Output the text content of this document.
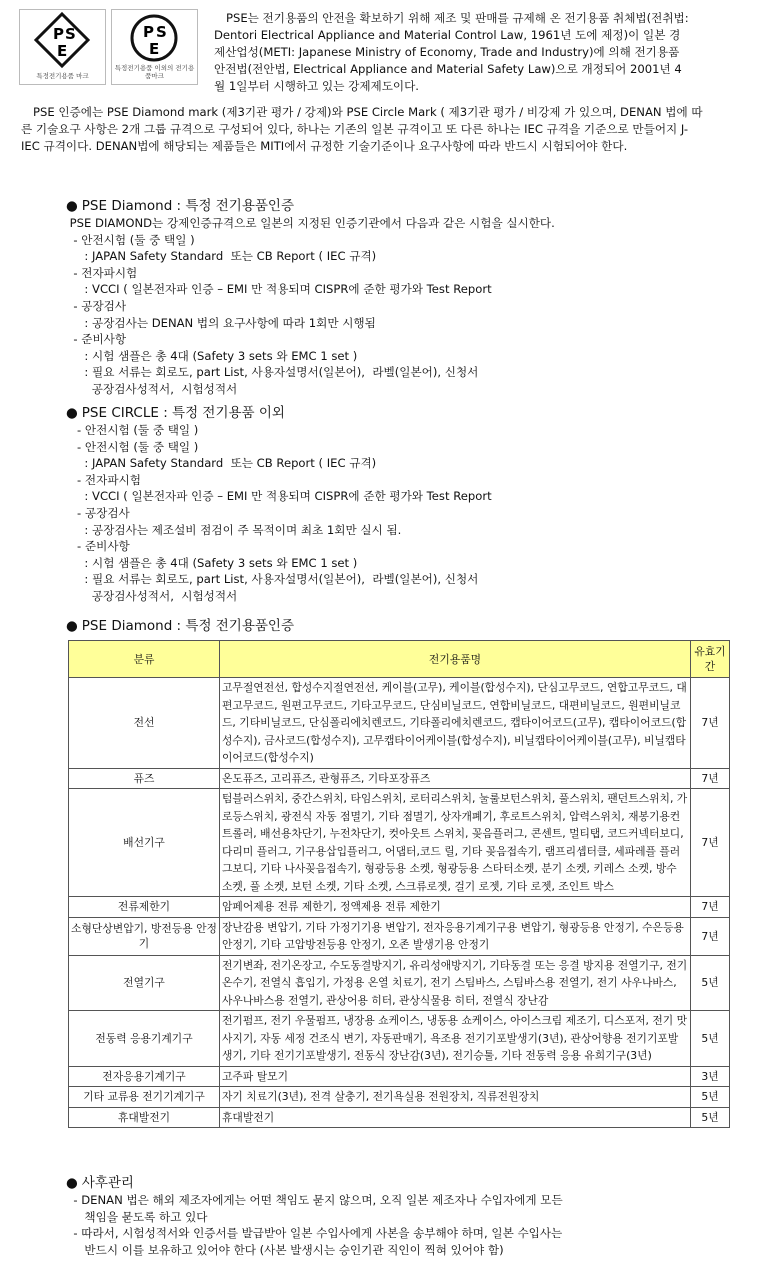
P S
E
특정전기용품 마크
P S
E
특정전기용품 이외의 전기용품마크
PSE는 전기용품의 안전을 확보하기 위해 제조 및 판매를 규제해 온 전기용품 취체법(전취법: Dentori Electrical Appliance and Material Control Law, 1961년 도에 제정)이 일본 경제산업성(METI: Japanese Ministry of Economy, Trade and Industry)에 의해 전기용품안전법(전안법, Electrical Appliance and Material Safety Law)으로 개정되어 2001년 4월 1일부터 시행하고 있는 강제제도이다.
PSE 인증에는 PSE Diamond mark (제3기관 평가 / 강제)와 PSE Circle Mark ( 제3기관 평가 / 비강제 가 있으며, DENAN 법에 따른 기술요구 사항은 2개 그룹 규격으로 구성되어 있다, 하나는 기존의 일본 규격이고 또 다른 하나는 IEC 규격을 기준으로 만들어지 J-IEC 규격이다. DENAN법에 해당되는 제품들은 MITI에서 규정한 기술기준이나 요구사항에 따라 반드시 시험되어야 한다.
● PSE Diamond : 특정 전기용품인증
PSE DIAMOND는 강제인증규격으로 일본의 지정된 인증기관에서 다음과 같은 시험을 실시한다.
- 안전시험 (둘 중 택일 )
: JAPAN Safety Standard  또는 CB Report ( IEC 규격)
- 전자파시험
: VCCI ( 일본전자파 인증 – EMI 만 적용되며 CISPR에 준한 평가와 Test Report
- 공장검사
: 공장검사는 DENAN 법의 요구사항에 따라 1회만 시행됨
- 준비사항
: 시험 샘플은 총 4대 (Safety 3 sets 와 EMC 1 set )
: 필요 서류는 회로도, part List, 사용자설명서(일본어),  라벨(일본어), 신청서
공장검사성적서,  시험성적서
● PSE CIRCLE : 특정 전기용품 이외
- 안전시험 (둘 중 택일 )
- 안전시험 (둘 중 택일 )
: JAPAN Safety Standard  또는 CB Report ( IEC 규격)
- 전자파시험
: VCCI ( 일본전자파 인증 – EMI 만 적용되며 CISPR에 준한 평가와 Test Report
- 공장검사
: 공장검사는 제조설비 점검이 주 목적이며 최초 1회만 실시 됨.
- 준비사항
: 시험 샘플은 총 4대 (Safety 3 sets 와 EMC 1 set )
: 필요 서류는 회로도, part List, 사용자설명서(일본어),  라벨(일본어), 신청서
공장검사성적서,  시험성적서
● PSE Diamond : 특정 전기용품인증
분류	전기용품명	유효기간
전선	고무절연전선, 합성수지절연전선, 케이블(고무), 케이블(합성수지), 단심고무코드, 연합고무코드, 대편고무코드, 원편고무코드, 기타고무코드, 단심비닐코드, 연합비닐코드, 대편비닐코드, 원편비닐코드, 기타비닐코드, 단심폴리에치렌코드, 기타폴리에치렌코드, 캡타이어코드(고무), 캡타이어코드(합성수지), 금사코드(합성수지), 고무캡타이어케이블(합성수지), 비닐캡타이어케이블(고무), 비닐캡타이어코드(합성수지)	7년
퓨즈	온도퓨즈, 고리퓨즈, 관형퓨즈, 기타포장퓨즈	7년
배선기구	텀블러스위치, 중간스위치, 타임스위치, 로터리스위치, 눌룰보턴스위치, 풀스위치, 팬던트스위치, 가로등스위치, 광전식 자동 점멸기, 기타 점멸기, 상자개폐기, 후로트스위치, 압력스위치, 재봉기용컨트롤러, 배선용차단기, 누전차단기, 컷아웃트 스위치, 꽂음플러그, 콘센트, 멀티탭, 코드커넥터보디, 다리미 플러그, 기구용삽입플러그, 어댑터,코드 릴, 기타 꽂음접속기, 램프리셉터클, 세파레플 플러그보디, 기타 나사꽂음접속기, 형광등용 소켓, 형광등용 스타터소켓, 분기 소켓, 키레스 소켓, 방수 소켓, 풀 소켓, 보턴 소켓, 기타 소켓, 스크류로젯, 걸기 로젯, 기타 로젯, 조인트 박스	7년
전류제한기	암페어제용 전류 제한기, 정액제용 전류 제한기	7년
소형단상변압기, 방전등용 안정기	장난감용 변압기, 기타 가정기기용 변압기, 전자응용기계기구용 변압기, 형광등용 안정기, 수은등용 안정기, 기타 고압방전등용 안정기, 오존 발생기용 안정기	7년
전열기구	전기변좌, 전기온장고, 수도동결방지기, 유리성애방지기, 기타동결 또는 응결 방지용 전열기구, 전기 온수기, 전열식 흡입기, 가정용 온열 치료기, 전기 스팀바스, 스팀바스용 전열기, 전기 사우나바스, 사우나바스용 전열기, 관상어용 히터, 관상식물용 히터, 전열식 장난감	5년
전동력 응용기계기구	전기펌프, 전기 우물펌프, 냉장용 쇼케이스, 냉동용 쇼케이스, 아이스크림 제조기, 디스포저, 전기 맛사지기, 자동 세정 건조식 변기, 자동판매기, 욕조용 전기기포발생기(3년), 관상어향용 전기기포발생기, 기타 전기기포발생기, 전동식 장난감(3년), 전기승툴, 기타 전동력 응용 유희기구(3년)	5년
전자응용기계기구	고주파 탈모기	3년
기타 교류용 전기기계기구	자기 치료기(3년), 전격 살충기, 전기욕실용 전원장치, 직류전원장치	5년
휴대발전기	휴대발전기	5년
● 사후관리
- DENAN 법은 해외 제조자에게는 어떤 책임도 묻지 않으며, 오직 일본 제조자나 수입자에게 모든
책임을 묻도록 하고 있다
- 따라서, 시험성적서와 인증서를 발급받아 일본 수입사에게 사본을 송부해야 하며, 일본 수입사는
반드시 이를 보유하고 있어야 한다 (사본 발생시는 승인기관 직인이 찍혀 있어야 함)
